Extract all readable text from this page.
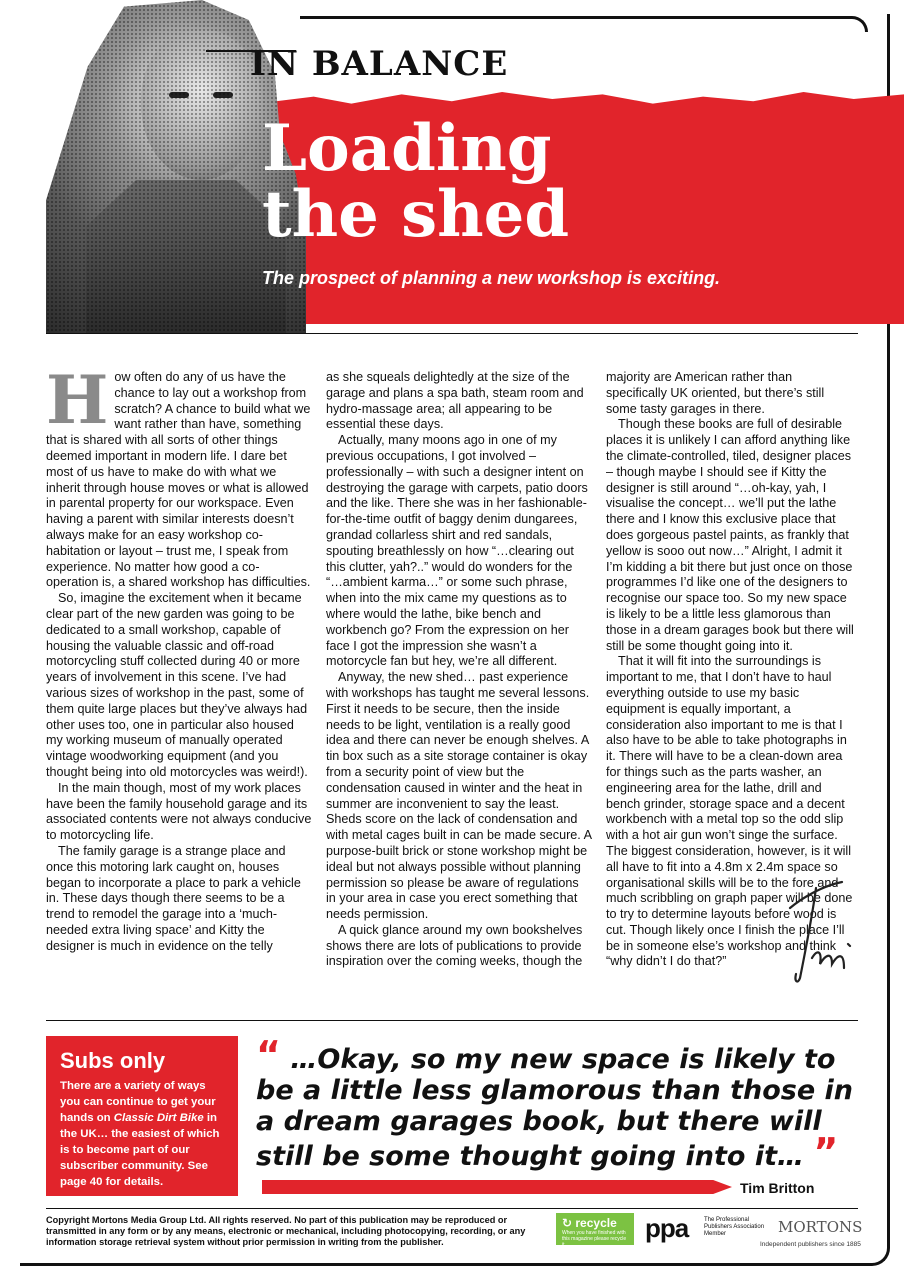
IN BALANCE
Loading
the shed
The prospect of planning a new workshop is exciting.

How often do any of us have the chance to lay out a workshop from scratch? A chance to build what we want rather than have, something that is shared with all sorts of other things deemed important in modern life. I dare bet most of us have to make do with what we inherit through house moves or what is allowed in parental property for our workspace. Even having a parent with similar interests doesn’t always make for an easy workshop co-habitation or layout – trust me, I speak from experience. No matter how good a co-operation is, a shared workshop has difficulties.

So, imagine the excitement when it became clear part of the new garden was going to be dedicated to a small workshop, capable of housing the valuable classic and off-road motorcycling stuff collected during 40 or more years of involvement in this scene. I’ve had various sizes of workshop in the past, some of them quite large places but they’ve always had other uses too, one in particular also housed my working museum of manually operated vintage woodworking equipment (and you thought being into old motorcycles was weird!).

In the main though, most of my work places have been the family household garage and its associated contents were not always conducive to motorcycling life.

The family garage is a strange place and once this motoring lark caught on, houses began to incorporate a place to park a vehicle in. These days though there seems to be a trend to remodel the garage into a ‘much-needed extra living space’ and Kitty the designer is much in evidence on the telly

as she squeals delightedly at the size of the garage and plans a spa bath, steam room and hydro-massage area; all appearing to be essential these days.

Actually, many moons ago in one of my previous occupations, I got involved – professionally – with such a designer intent on destroying the garage with carpets, patio doors and the like. There she was in her fashionable-for-the-time outfit of baggy denim dungarees, grandad collarless shirt and red sandals, spouting breathlessly on how “…clearing out this clutter, yah?..” would do wonders for the “…ambient karma…” or some such phrase, when into the mix came my questions as to where would the lathe, bike bench and workbench go? From the expression on her face I got the impression she wasn’t a motorcycle fan but hey, we’re all different.

Anyway, the new shed… past experience with workshops has taught me several lessons. First it needs to be secure, then the inside needs to be light, ventilation is a really good idea and there can never be enough shelves. A tin box such as a site storage container is okay from a security point of view but the condensation caused in winter and the heat in summer are inconvenient to say the least. Sheds score on the lack of condensation and with metal cages built in can be made secure. A purpose-built brick or stone workshop might be ideal but not always possible without planning permission so please be aware of regulations in your area in case you erect something that needs permission.

A quick glance around my own bookshelves shows there are lots of publications to provide inspiration over the coming weeks, though the

majority are American rather than specifically UK oriented, but there’s still some tasty garages in there.

Though these books are full of desirable places it is unlikely I can afford anything like the climate-controlled, tiled, designer places – though maybe I should see if Kitty the designer is still around “…oh-kay, yah, I visualise the concept… we’ll put the lathe there and I know this exclusive place that does gorgeous pastel paints, as frankly that yellow is sooo out now…” Alright, I admit it I’m kidding a bit there but just once on those programmes I’d like one of the designers to recognise our space too. So my new space is likely to be a little less glamorous than those in a dream garages book but there will still be some thought going into it.

That it will fit into the surroundings is important to me, that I don’t have to haul everything outside to use my basic equipment is equally important, a consideration also important to me is that I also have to be able to take photographs in it. There will have to be a clean-down area for things such as the parts washer, an engineering area for the lathe, drill and bench grinder, storage space and a decent workbench with a metal top so the odd slip with a hot air gun won’t singe the surface. The biggest consideration, however, is it will all have to fit into a 4.8m x 2.4m space so organisational skills will be to the fore and much scribbling on graph paper will be done to try to determine layouts before wood is cut. Though likely once I finish the place I’ll be in someone else’s workshop and think “why didn’t I do that?”

Subs only

There are a variety of ways you can continue to get your hands on Classic Dirt Bike in the UK… the easiest of which is to become part of our subscriber community. See page 40 for details.

“ …Okay, so my new space is likely to be a little less glamorous than those in a dream garages book, but there will still be some thought going into it… ”
Tim Britton
Copyright Mortons Media Group Ltd. All rights reserved. No part of this publication may be reproduced or transmitted in any form or by any means, electronic or mechanical, including photocopying, recording, or any information storage retrieval system without prior permission in writing from the publisher.
↻ recycle
When you have finished with this magazine please recycle it.
ppa	The Professional Publishers Association Member	MORTONS
Independent publishers since 1885
